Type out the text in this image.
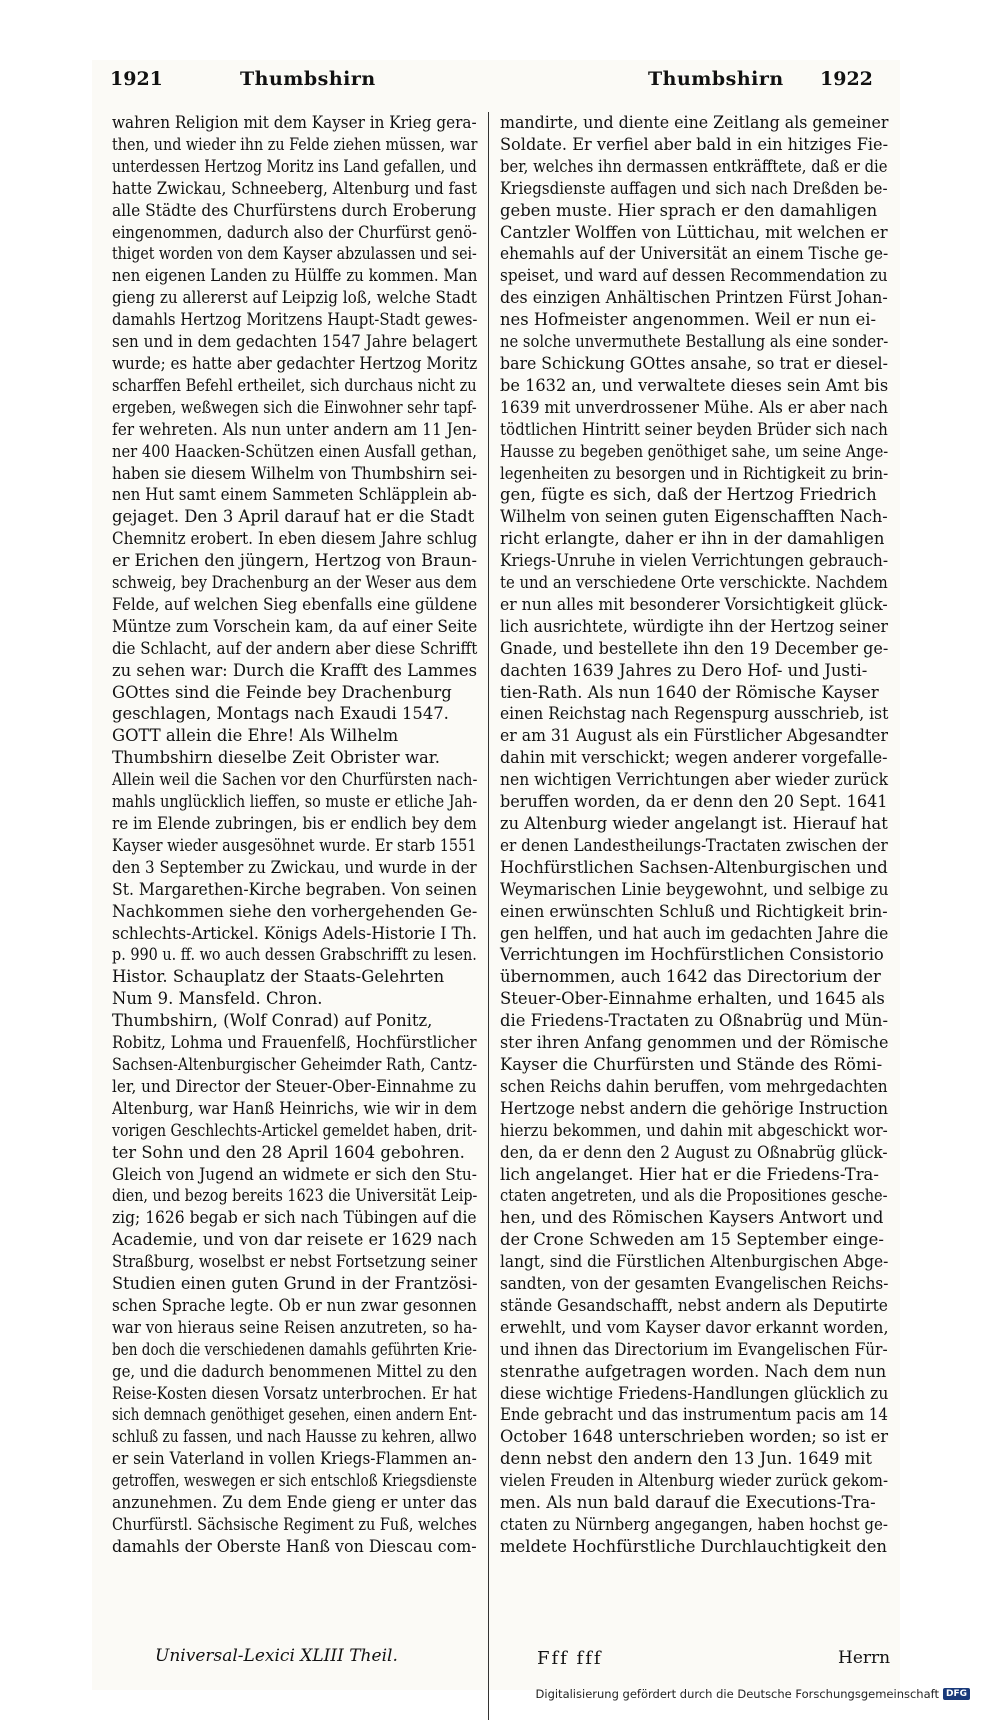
1921	Thumbshirn	Thumbshirn 1922
wahren Religion mit dem Kayser in Krieg gera-
then, und wieder ihn zu Felde ziehen müssen, war
unterdessen Hertzog Moritz ins Land gefallen, und
hatte Zwickau, Schneeberg, Altenburg und fast
alle Städte des Churfürstens durch Eroberung
eingenommen, dadurch also der Churfürst genö-
thiget worden von dem Kayser abzulassen und sei-
nen eigenen Landen zu Hülffe zu kommen. Man
gieng zu allererst auf Leipzig loß, welche Stadt
damahls Hertzog Moritzens Haupt-Stadt gewes-
sen und in dem gedachten 1547 Jahre belagert
wurde; es hatte aber gedachter Hertzog Moritz
scharffen Befehl ertheilet, sich durchaus nicht zu
ergeben, weßwegen sich die Einwohner sehr tapf-
fer wehreten. Als nun unter andern am 11 Jen-
ner 400 Haacken-Schützen einen Ausfall gethan,
haben sie diesem Wilhelm von Thumbshirn sei-
nen Hut samt einem Sammeten Schläpplein ab-
gejaget. Den 3 April darauf hat er die Stadt
Chemnitz erobert. In eben diesem Jahre schlug
er Erichen den jüngern, Hertzog von Braun-
schweig, bey Drachenburg an der Weser aus dem
Felde, auf welchen Sieg ebenfalls eine güldene
Müntze zum Vorschein kam, da auf einer Seite
die Schlacht, auf der andern aber diese Schrifft
zu sehen war: Durch die Krafft des Lammes
GOttes sind die Feinde bey Drachenburg
geschlagen, Montags nach Exaudi 1547.
GOTT allein die Ehre! Als Wilhelm
Thumbshirn dieselbe Zeit Obrister war.
Allein weil die Sachen vor den Churfürsten nach-
mahls unglücklich lieffen, so muste er etliche Jah-
re im Elende zubringen, bis er endlich bey dem
Kayser wieder ausgesöhnet wurde. Er starb 1551
den 3 September zu Zwickau, und wurde in der
St. Margarethen-Kirche begraben. Von seinen
Nachkommen siehe den vorhergehenden Ge-
schlechts-Artickel. Königs Adels-Historie I Th.
p. 990 u. ff. wo auch dessen Grabschrifft zu lesen.
Histor. Schauplatz der Staats-Gelehrten
Num 9. Mansfeld. Chron.
Thumbshirn, (Wolf Conrad) auf Ponitz,
Robitz, Lohma und Frauenfelß, Hochfürstlicher
Sachsen-Altenburgischer Geheimder Rath, Cantz-
ler, und Director der Steuer-Ober-Einnahme zu
Altenburg, war Hanß Heinrichs, wie wir in dem
vorigen Geschlechts-Artickel gemeldet haben, drit-
ter Sohn und den 28 April 1604 gebohren.
Gleich von Jugend an widmete er sich den Stu-
dien, und bezog bereits 1623 die Universität Leip-
zig; 1626 begab er sich nach Tübingen auf die
Academie, und von dar reisete er 1629 nach
Straßburg, woselbst er nebst Fortsetzung seiner
Studien einen guten Grund in der Frantzösi-
schen Sprache legte. Ob er nun zwar gesonnen
war von hieraus seine Reisen anzutreten, so ha-
ben doch die verschiedenen damahls geführten Krie-
ge, und die dadurch benommenen Mittel zu den
Reise-Kosten diesen Vorsatz unterbrochen. Er hat
sich demnach genöthiget gesehen, einen andern Ent-
schluß zu fassen, und nach Hausse zu kehren, allwo
er sein Vaterland in vollen Kriegs-Flammen an-
getroffen, weswegen er sich entschloß Kriegsdienste
anzunehmen. Zu dem Ende gieng er unter das
Churfürstl. Sächsische Regiment zu Fuß, welches
damahls der Oberste Hanß von Diescau com-
mandirte, und diente eine Zeitlang als gemeiner
Soldate. Er verfiel aber bald in ein hitziges Fie-
ber, welches ihn dermassen entkräfftete, daß er die
Kriegsdienste auffagen und sich nach Dreßden be-
geben muste. Hier sprach er den damahligen
Cantzler Wolffen von Lüttichau, mit welchen er
ehemahls auf der Universität an einem Tische ge-
speiset, und ward auf dessen Recommendation zu
des einzigen Anhältischen Printzen Fürst Johan-
nes Hofmeister angenommen. Weil er nun ei-
ne solche unvermuthete Bestallung als eine sonder-
bare Schickung GOttes ansahe, so trat er diesel-
be 1632 an, und verwaltete dieses sein Amt bis
1639 mit unverdrossener Mühe. Als er aber nach
tödtlichen Hintritt seiner beyden Brüder sich nach
Hausse zu begeben genöthiget sahe, um seine Ange-
legenheiten zu besorgen und in Richtigkeit zu brin-
gen, fügte es sich, daß der Hertzog Friedrich
Wilhelm von seinen guten Eigenschafften Nach-
richt erlangte, daher er ihn in der damahligen
Kriegs-Unruhe in vielen Verrichtungen gebrauch-
te und an verschiedene Orte verschickte. Nachdem
er nun alles mit besonderer Vorsichtigkeit glück-
lich ausrichtete, würdigte ihn der Hertzog seiner
Gnade, und bestellete ihn den 19 December ge-
dachten 1639 Jahres zu Dero Hof- und Justi-
tien-Rath. Als nun 1640 der Römische Kayser
einen Reichstag nach Regenspurg ausschrieb, ist
er am 31 August als ein Fürstlicher Abgesandter
dahin mit verschickt; wegen anderer vorgefalle-
nen wichtigen Verrichtungen aber wieder zurück
beruffen worden, da er denn den 20 Sept. 1641
zu Altenburg wieder angelangt ist. Hierauf hat
er denen Landestheilungs-Tractaten zwischen der
Hochfürstlichen Sachsen-Altenburgischen und
Weymarischen Linie beygewohnt, und selbige zu
einen erwünschten Schluß und Richtigkeit brin-
gen helffen, und hat auch im gedachten Jahre die
Verrichtungen im Hochfürstlichen Consistorio
übernommen, auch 1642 das Directorium der
Steuer-Ober-Einnahme erhalten, und 1645 als
die Friedens-Tractaten zu Oßnabrüg und Mün-
ster ihren Anfang genommen und der Römische
Kayser die Churfürsten und Stände des Römi-
schen Reichs dahin beruffen, vom mehrgedachten
Hertzoge nebst andern die gehörige Instruction
hierzu bekommen, und dahin mit abgeschickt wor-
den, da er denn den 2 August zu Oßnabrüg glück-
lich angelanget. Hier hat er die Friedens-Tra-
ctaten angetreten, und als die Propositiones gesche-
hen, und des Römischen Kaysers Antwort und
der Crone Schweden am 15 September einge-
langt, sind die Fürstlichen Altenburgischen Abge-
sandten, von der gesamten Evangelischen Reichs-
stände Gesandschafft, nebst andern als Deputirte
erwehlt, und vom Kayser davor erkannt worden,
und ihnen das Directorium im Evangelischen Für-
stenrathe aufgetragen worden. Nach dem nun
diese wichtige Friedens-Handlungen glücklich zu
Ende gebracht und das instrumentum pacis am 14
October 1648 unterschrieben worden; so ist er
denn nebst den andern den 13 Jun. 1649 mit
vielen Freuden in Altenburg wieder zurück gekom-
men. Als nun bald darauf die Executions-Tra-
ctaten zu Nürnberg angegangen, haben hochst ge-
meldete Hochfürstliche Durchlauchtigkeit den
Universal-Lexici XLIII Theil.	Fff fff	Herrn
Digitalisierung gefördert durch die Deutsche Forschungsgemeinschaft DFG
